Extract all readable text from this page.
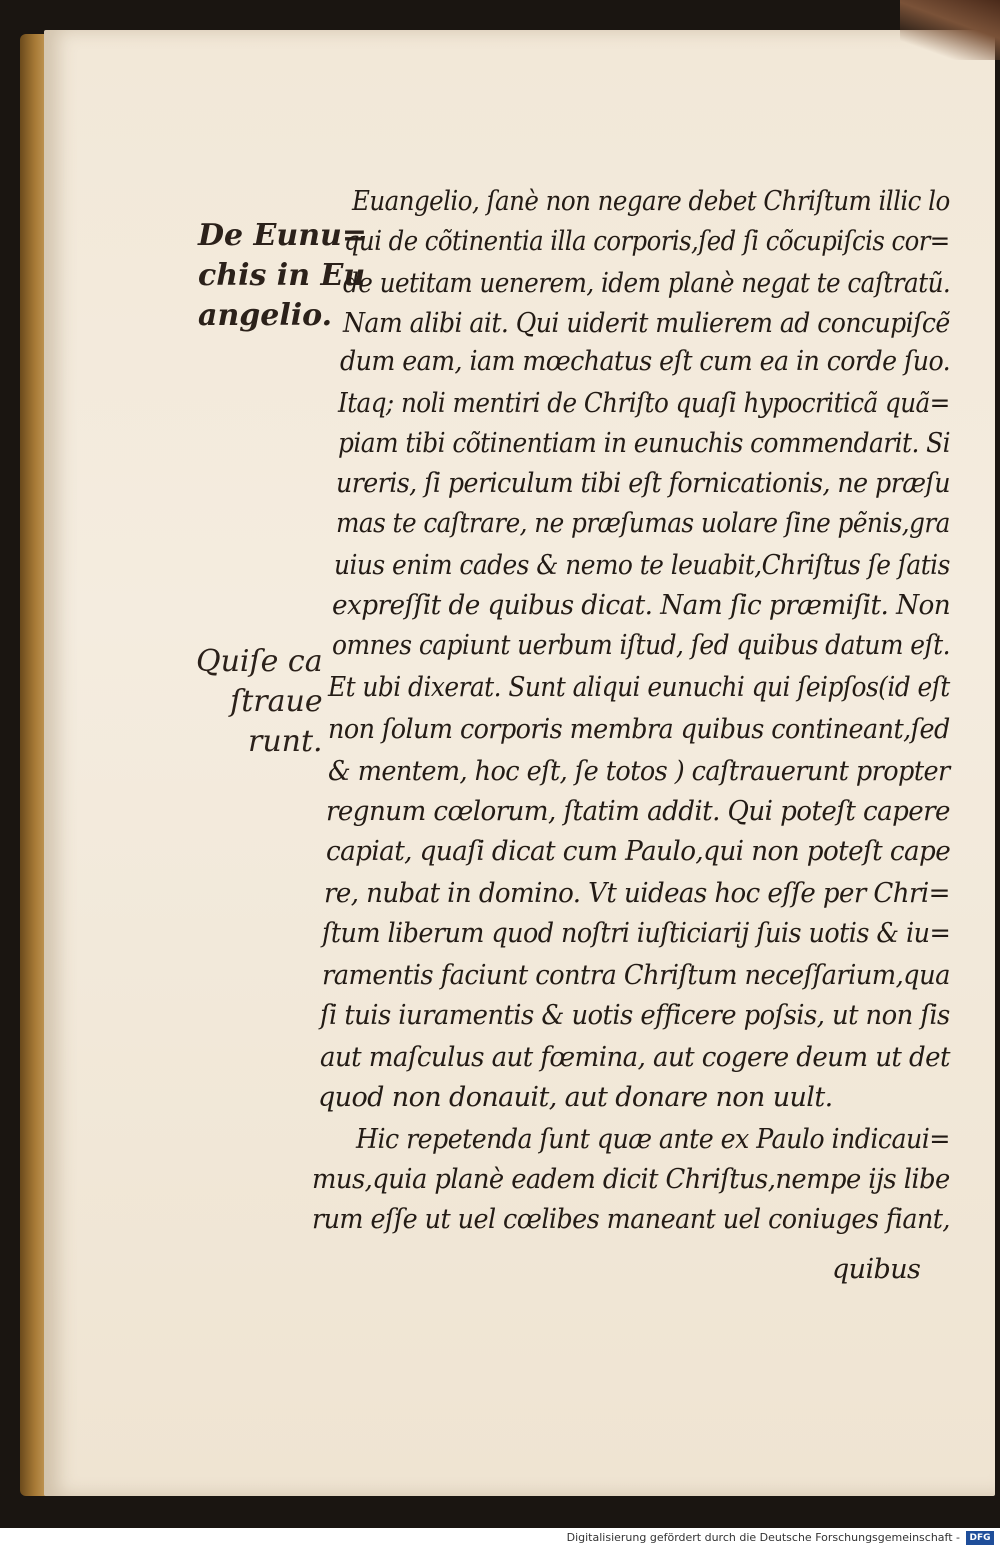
De Eunu=
chis in Eu
angelio.
Quiſe ca
ſtraue
runt.
Euangelio, ſanè non negare debet Chriſtum illic lo
qui de cõtinentia illa corporis,ſed ſi cõcupiſcis cor=
de uetitam uenerem, idem planè negat te caſtratũ.
Nam alibi ait. Qui uiderit mulierem ad concupiſcẽ
dum eam, iam mœchatus eſt cum ea in corde ſuo.
Itaq; noli mentiri de Chriſto quaſi hypocriticã quã=
piam tibi cõtinentiam in eunuchis commendarit. Si
ureris, ſi periculum tibi eſt fornicationis, ne præſu
mas te caſtrare, ne præſumas uolare ſine pẽnis,gra
uius enim cades & nemo te leuabit,Chriſtus ſe ſatis
expreſſit de quibus dicat. Nam ſic præmiſit. Non
omnes capiunt uerbum iſtud, ſed quibus datum eſt.
Et ubi dixerat. Sunt aliqui eunuchi qui ſeipſos(id eſt
non ſolum corporis membra quibus contineant,ſed
& mentem, hoc eſt, ſe totos ) caſtrauerunt propter
regnum cœlorum, ſtatim addit. Qui poteſt capere
capiat, quaſi dicat cum Paulo,qui non poteſt cape
re, nubat in domino. Vt uideas hoc eſſe per Chri=
ſtum liberum quod noſtri iuſticiarij ſuis uotis & iu=
ramentis faciunt contra Chriſtum neceſſarium,qua
ſi tuis iuramentis & uotis efficere poſsis, ut non ſis
aut maſculus aut fœmina, aut cogere deum ut det
quod non donauit, aut donare non uult.
Hic repetenda ſunt quæ ante ex Paulo indicaui=
mus,quia planè eadem dicit Chriſtus,nempe ijs libe
rum eſſe ut uel cœlibes maneant uel coniuges fiant,
quibus
Digitalisierung gefördert durch die Deutsche Forschungsgemeinschaft -	DFG
